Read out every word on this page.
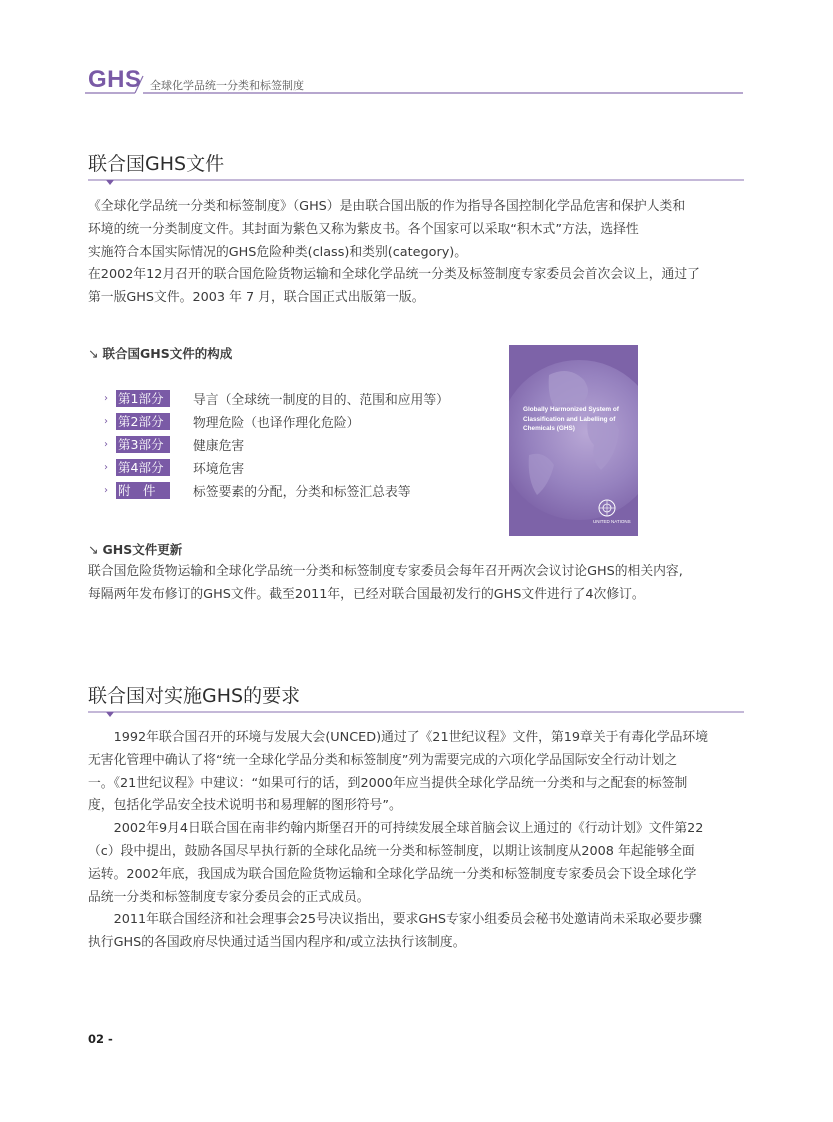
GHS 全球化学品统一分类和标签制度
联合国GHS文件

《全球化学品统一分类和标签制度》（GHS）是由联合国出版的作为指导各国控制化学品危害和保护人类和

环境的统一分类制度文件。其封面为紫色又称为紫皮书。各个国家可以采取“积木式”方法，选择性

实施符合本国实际情况的GHS危险种类(class)和类别(category)。

在2002年12月召开的联合国危险货物运输和全球化学品统一分类及标签制度专家委员会首次会议上，通过了

第一版GHS文件。2003 年 7 月，联合国正式出版第一版。

↘ 联合国GHS文件的构成
› 第1部分 导言（全球统一制度的目的、范围和应用等）
› 第2部分 物理危险（也译作理化危险）
› 第3部分 健康危害
› 第4部分 环境危害
› 附　件	标签要素的分配，分类和标签汇总表等
Globally Harmonized System of
Classification and Labelling of
Chemicals (GHS)
UNITED NATIONS
↘ GHS文件更新

联合国危险货物运输和全球化学品统一分类和标签制度专家委员会每年召开两次会议讨论GHS的相关内容,

每隔两年发布修订的GHS文件。截至2011年，已经对联合国最初发行的GHS文件进行了4次修订。

联合国对实施GHS的要求

　　1992年联合国召开的环境与发展大会(UNCED)通过了《21世纪议程》文件，第19章关于有毒化学品环境

无害化管理中确认了将“统一全球化学品分类和标签制度”列为需要完成的六项化学品国际安全行动计划之

一。《21世纪议程》中建议：“如果可行的话，到2000年应当提供全球化学品统一分类和与之配套的标签制

度，包括化学品安全技术说明书和易理解的图形符号”。

　　2002年9月4日联合国在南非约翰内斯堡召开的可持续发展全球首脑会议上通过的《行动计划》文件第22

（c）段中提出，鼓励各国尽早执行新的全球化品统一分类和标签制度，以期让该制度从2008 年起能够全面

运转。2002年底，我国成为联合国危险货物运输和全球化学品统一分类和标签制度专家委员会下设全球化学

品统一分类和标签制度专家分委员会的正式成员。

　　2011年联合国经济和社会理事会25号决议指出，要求GHS专家小组委员会秘书处邀请尚未采取必要步骤

执行GHS的各国政府尽快通过适当国内程序和/或立法执行该制度。

02 -
